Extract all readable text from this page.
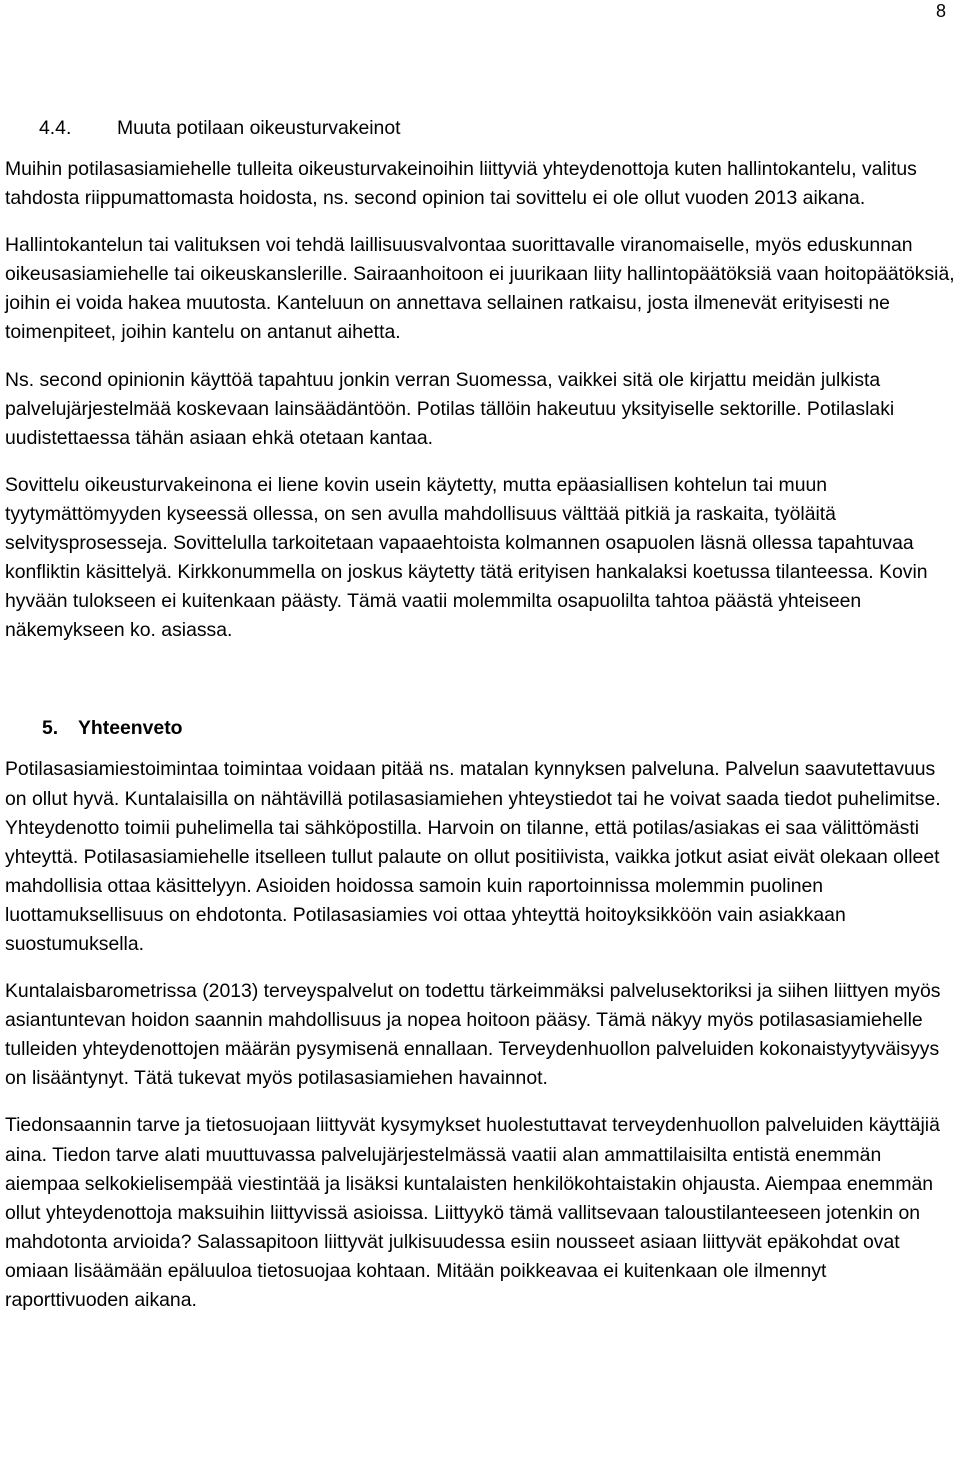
8
4.4. Muuta potilaan oikeusturvakeinot

Muihin potilasasiamiehelle tulleita oikeusturvakeinoihin liittyviä yhteydenottoja kuten hallintokantelu, valitus tahdosta riippumattomasta hoidosta, ns. second opinion tai sovittelu ei ole ollut vuoden 2013 aikana.

Hallintokantelun tai valituksen voi tehdä laillisuusvalvontaa suorittavalle viranomaiselle, myös eduskunnan oikeusasiamiehelle tai oikeuskanslerille. Sairaanhoitoon ei juurikaan liity hallintopäätöksiä vaan hoitopäätöksiä, joihin ei voida hakea muutosta. Kanteluun on annettava sellainen ratkaisu, josta ilmenevät erityisesti ne toimenpiteet, joihin kantelu on antanut aihetta.

Ns. second opinionin käyttöä tapahtuu jonkin verran Suomessa, vaikkei sitä ole kirjattu meidän julkista palvelujärjestelmää koskevaan lainsäädäntöön. Potilas tällöin hakeutuu yksityiselle sektorille. Potilaslaki uudistettaessa tähän asiaan ehkä otetaan kantaa.

Sovittelu oikeusturvakeinona ei liene kovin usein käytetty, mutta epäasiallisen kohtelun tai muun tyytymättömyyden kyseessä ollessa, on sen avulla mahdollisuus välttää pitkiä ja raskaita, työläitä selvitysprosesseja. Sovittelulla tarkoitetaan vapaaehtoista kolmannen osapuolen läsnä ollessa tapahtuvaa konfliktin käsittelyä. Kirkkonummella on joskus käytetty tätä erityisen hankalaksi koetussa tilanteessa. Kovin hyvään tulokseen ei kuitenkaan päästy. Tämä vaatii molemmilta osapuolilta tahtoa päästä yhteiseen näkemykseen ko. asiassa.

5. Yhteenveto

Potilasasiamiestoimintaa toimintaa voidaan pitää ns. matalan kynnyksen palveluna. Palvelun saavutettavuus on ollut hyvä. Kuntalaisilla on nähtävillä potilasasiamiehen yhteystiedot tai he voivat saada tiedot puhelimitse. Yhteydenotto toimii puhelimella tai sähköpostilla. Harvoin on tilanne, että potilas/asiakas ei saa välittömästi yhteyttä. Potilasasiamiehelle itselleen tullut palaute on ollut positiivista, vaikka jotkut asiat eivät olekaan olleet mahdollisia ottaa käsittelyyn. Asioiden hoidossa samoin kuin raportoinnissa molemmin puolinen luottamuksellisuus on ehdotonta. Potilasasiamies voi ottaa yhteyttä hoitoyksikköön vain asiakkaan suostumuksella.

Kuntalaisbarometrissa (2013) terveyspalvelut on todettu tärkeimmäksi palvelusektoriksi ja siihen liittyen myös asiantuntevan hoidon saannin mahdollisuus ja nopea hoitoon pääsy. Tämä näkyy myös potilasasiamiehelle tulleiden yhteydenottojen määrän pysymisenä ennallaan. Terveydenhuollon palveluiden kokonaistyytyväisyys on lisääntynyt. Tätä tukevat myös potilasasiamiehen havainnot.

Tiedonsaannin tarve ja tietosuojaan liittyvät kysymykset huolestuttavat terveydenhuollon palveluiden käyttäjiä aina. Tiedon tarve alati muuttuvassa palvelujärjestelmässä vaatii alan ammattilaisilta entistä enemmän aiempaa selkokielisempää viestintää ja lisäksi kuntalaisten henkilökohtaistakin ohjausta. Aiempaa enemmän ollut yhteydenottoja maksuihin liittyvissä asioissa. Liittyykö tämä vallitsevaan taloustilanteeseen jotenkin on mahdotonta arvioida? Salassapitoon liittyvät julkisuudessa esiin nousseet asiaan liittyvät epäkohdat ovat omiaan lisäämään epäluuloa tietosuojaa kohtaan. Mitään poikkeavaa ei kuitenkaan ole ilmennyt raporttivuoden aikana.
